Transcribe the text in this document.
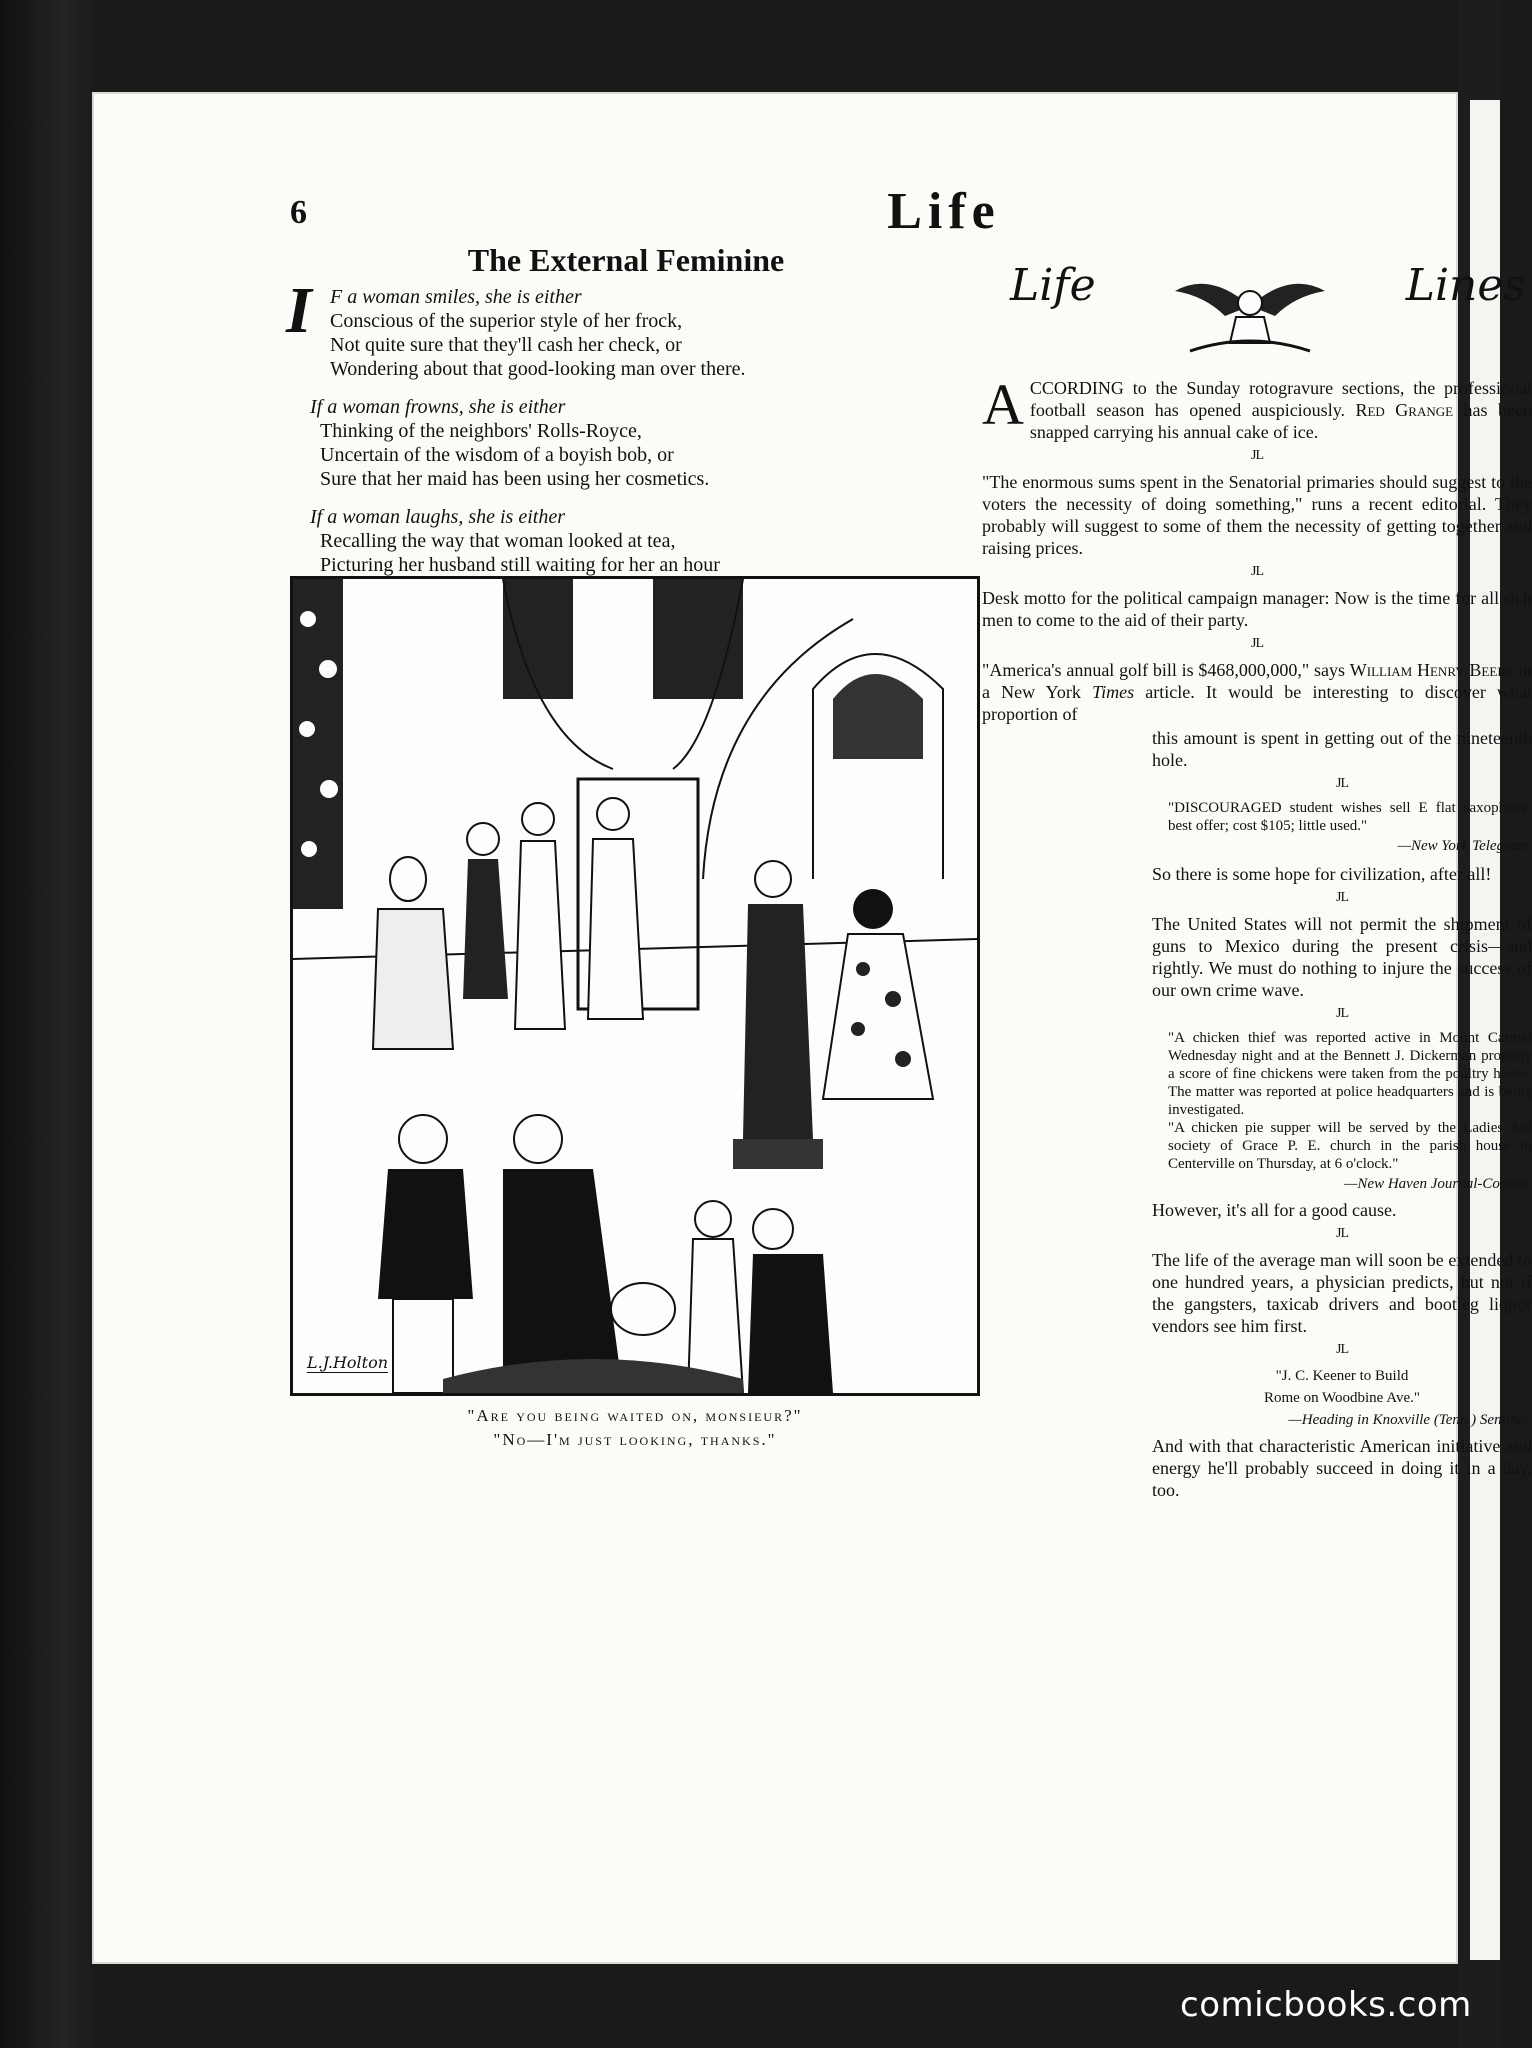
6	Life
The External Feminine
I F a woman smiles, she is either
Conscious of the superior style of her frock,
Not quite sure that they'll cash her check, or
Wondering about that good-looking man over there.
If a woman frowns, she is either
Thinking of the neighbors' Rolls-Royce,
Uncertain of the wisdom of a boyish bob, or
Sure that her maid has been using her cosmetics.
If a woman laughs, she is either
Recalling the way that woman looked at tea,
Picturing her husband still waiting for her an hour
L.J.Holton
"Are you being waited on, monsieur?"
"No—I'm just looking, thanks."
Life	Lines
ACCORDING to the Sunday rotogravure sections, the professional football season has opened auspiciously. Red Grange has been snapped carrying his annual cake of ice.
JL
"The enormous sums spent in the Senatorial primaries should suggest to the voters the necessity of doing something," runs a recent editorial. They probably will suggest to some of them the necessity of getting together and raising prices.
JL
Desk motto for the political campaign manager: Now is the time for all rich men to come to the aid of their party.
JL
"America's annual golf bill is $468,000,000," says William Henry Beers in a New York Times article. It would be interesting to discover what proportion of
this amount is spent in getting out of the nineteenth hole.
JL
"DISCOURAGED student wishes sell E flat saxophone; best offer; cost $105; little used."
—New York Telegram.
So there is some hope for civilization, after all!
JL
The United States will not permit the shipment of guns to Mexico during the present crisis—and rightly. We must do nothing to injure the success of our own crime wave.
JL
"A chicken thief was reported active in Mount Carmel Wednesday night and at the Bennett J. Dickerman property a score of fine chickens were taken from the poultry house. The matter was reported at police headquarters and is being investigated.
"A chicken pie supper will be served by the Ladies Aid society of Grace P. E. church in the parish house in Centerville on Thursday, at 6 o'clock."
—New Haven Journal-Courier.
However, it's all for a good cause.
JL
The life of the average man will soon be extended to one hundred years, a physician predicts, but not if the gangsters, taxicab drivers and bootleg liquor vendors see him first.
JL
"J. C. Keener to Build
Rome on Woodbine Ave."
—Heading in Knoxville (Tenn.) Sentinel.
And with that characteristic American initiative and energy he'll probably succeed in doing it in a day, too.
comicbooks.com
